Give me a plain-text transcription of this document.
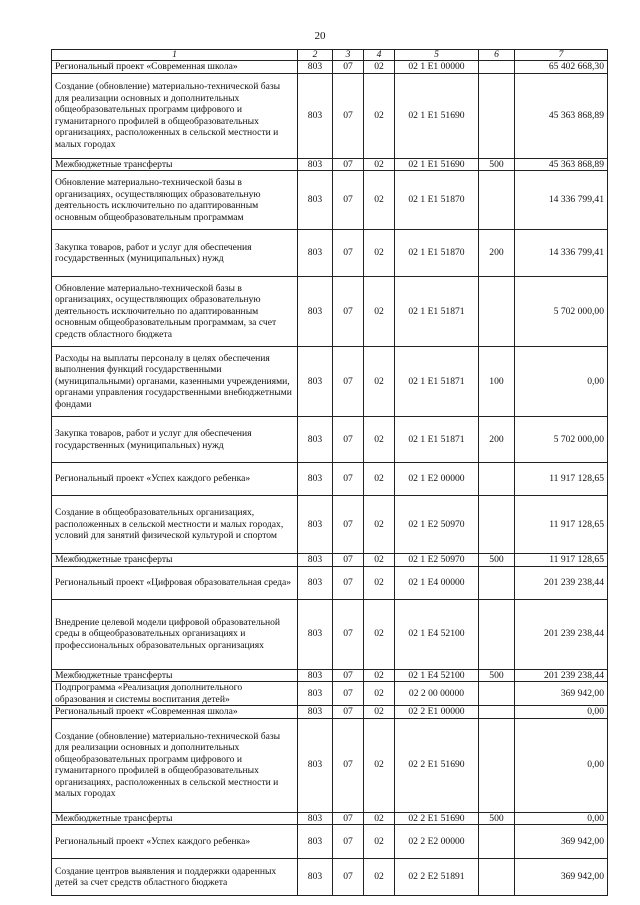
20
1	2	3	4	5	6	7
Региональный проект «Современная школа»	803	07	02	02 1 E1 00000		65 402 668,30
Создание (обновление) материально-технической базы для реализации основных и дополнительных общеобразовательных программ цифрового и гуманитарного профилей в общеобразовательных организациях, расположенных в сельской местности и малых городах	803	07	02	02 1 E1 51690		45 363 868,89
Межбюджетные трансферты	803	07	02	02 1 E1 51690	500	45 363 868,89
Обновление материально-технической базы в организациях, осуществляющих образовательную деятельность исключительно по адаптированным основным общеобразовательным программам	803	07	02	02 1 E1 51870		14 336 799,41
Закупка товаров, работ и услуг для обеспечения государственных (муниципальных) нужд	803	07	02	02 1 E1 51870	200	14 336 799,41
Обновление материально-технической базы в организациях, осуществляющих образовательную деятельность исключительно по адаптированным основным общеобразовательным программам, за счет средств областного бюджета	803	07	02	02 1 E1 51871		5 702 000,00
Расходы на выплаты персоналу в целях обеспечения выполнения функций государственными (муниципальными) органами, казенными учреждениями, органами управления государственными внебюджетными фондами	803	07	02	02 1 E1 51871	100	0,00
Закупка товаров, работ и услуг для обеспечения государственных (муниципальных) нужд	803	07	02	02 1 E1 51871	200	5 702 000,00
Региональный проект «Успех каждого ребенка»	803	07	02	02 1 E2 00000		11 917 128,65
Создание в общеобразовательных организациях, расположенных в сельской местности и малых городах, условий для занятий физической культурой и спортом	803	07	02	02 1 E2 50970		11 917 128,65
Межбюджетные трансферты	803	07	02	02 1 E2 50970	500	11 917 128,65
Региональный проект «Цифровая образовательная среда»	803	07	02	02 1 E4 00000		201 239 238,44
Внедрение целевой модели цифровой образовательной среды в общеобразовательных организациях и профессиональных образовательных организациях	803	07	02	02 1 E4 52100		201 239 238,44
Межбюджетные трансферты	803	07	02	02 1 E4 52100	500	201 239 238,44
Подпрограмма «Реализация дополнительного образования и системы воспитания детей»	803	07	02	02 2 00 00000		369 942,00
Региональный проект «Современная школа»	803	07	02	02 2 E1 00000		0,00
Создание (обновление) материально-технической базы для реализации основных и дополнительных общеобразовательных программ цифрового и гуманитарного профилей в общеобразовательных организациях, расположенных в сельской местности и малых городах	803	07	02	02 2 E1 51690		0,00
Межбюджетные трансферты	803	07	02	02 2 E1 51690	500	0,00
Региональный проект «Успех каждого ребенка»	803	07	02	02 2 E2 00000		369 942,00
Создание центров выявления и поддержки одаренных детей за счет средств областного бюджета	803	07	02	02 2 E2 51891		369 942,00
